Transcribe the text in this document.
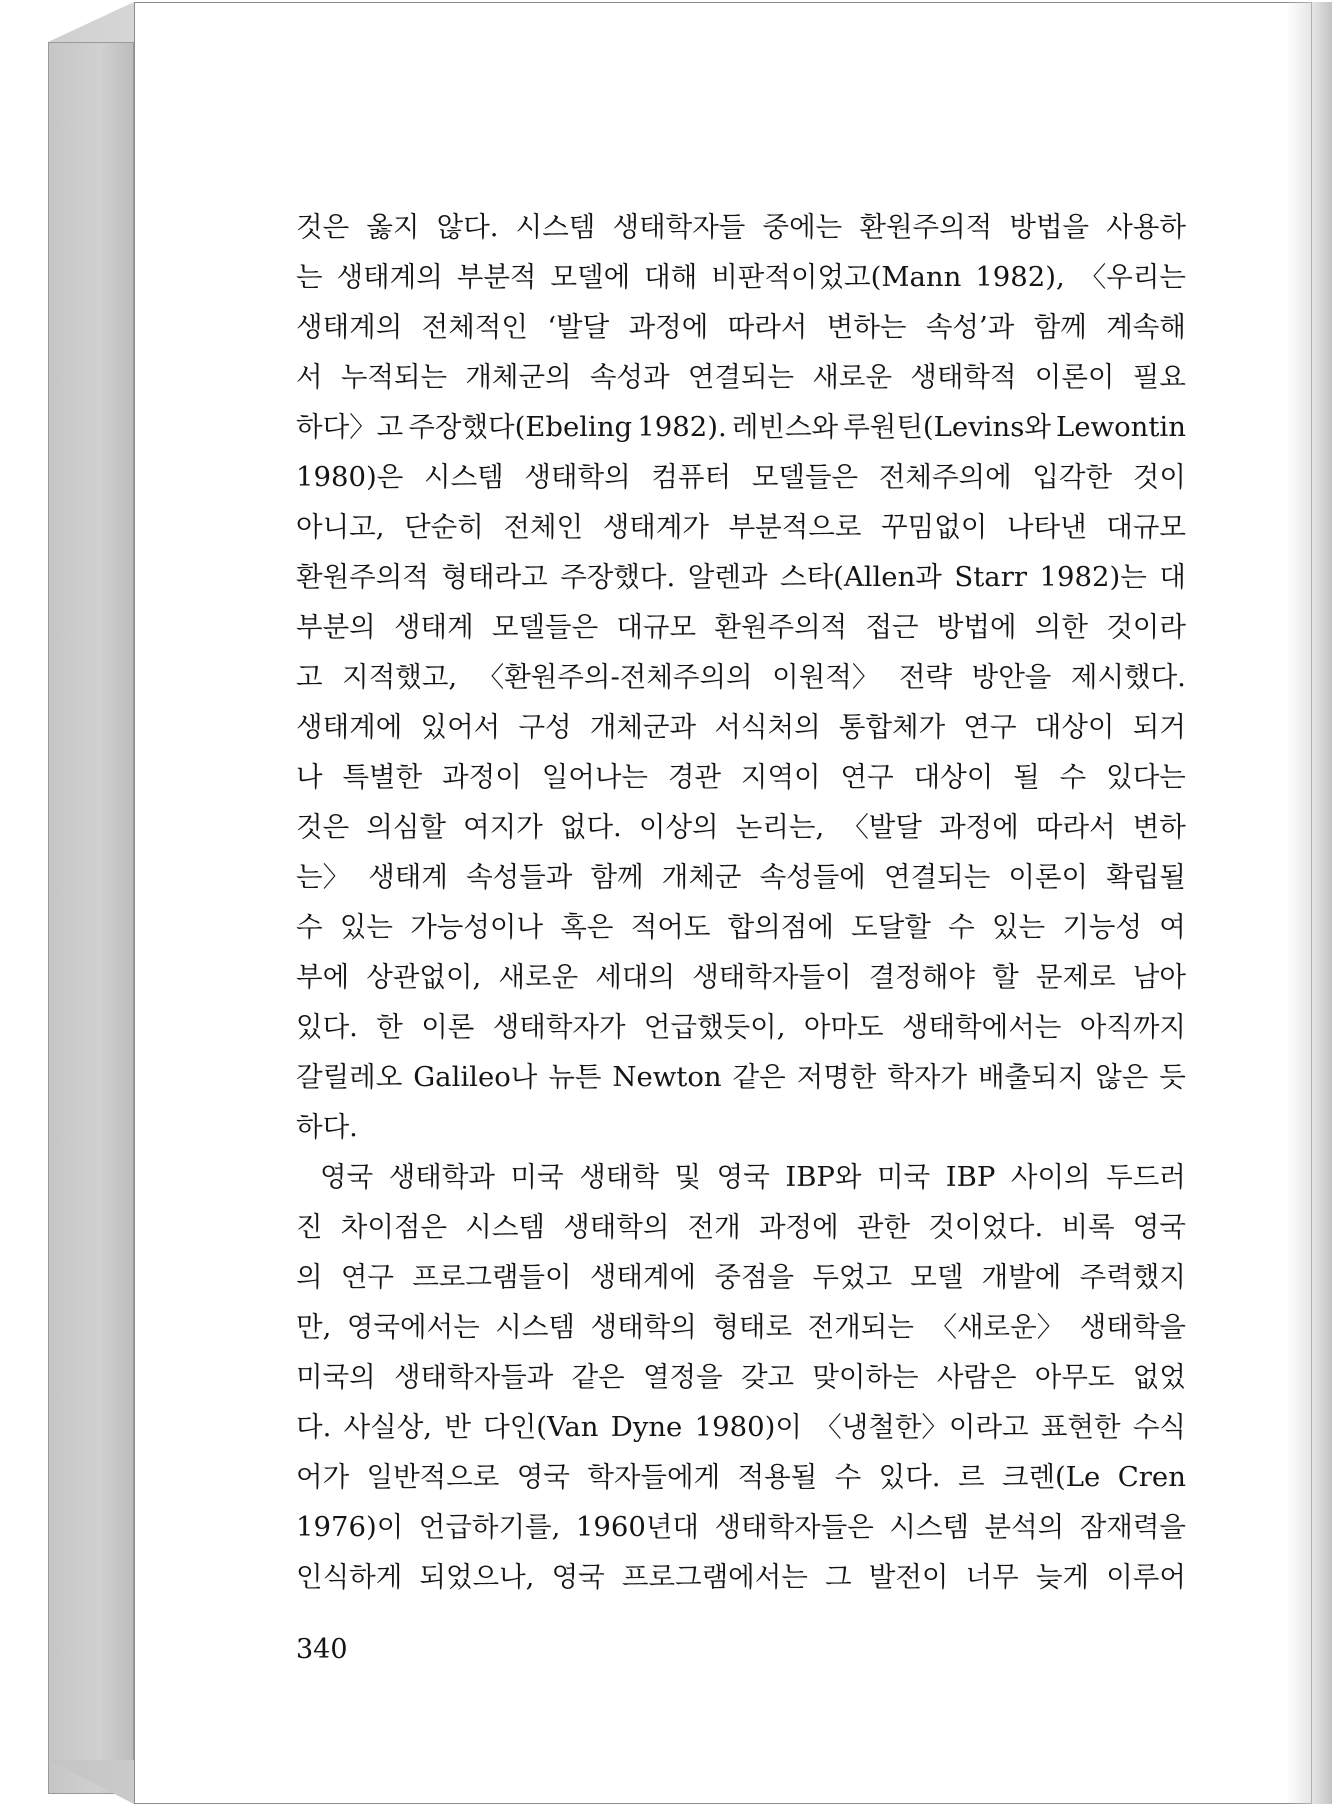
것은 옳지 않다. 시스템 생태학자들 중에는 환원주의적 방법을 사용하
는 생태계의 부분적 모델에 대해 비판적이었고(Mann 1982), 〈우리는
생태계의 전체적인 ‘발달 과정에 따라서 변하는 속성’과 함께 계속해
서 누적되는 개체군의 속성과 연결되는 새로운 생태학적 이론이 필요
하다〉고 주장했다(Ebeling 1982). 레빈스와 루원틴(Levins와 Lewontin
1980)은 시스템 생태학의 컴퓨터 모델들은 전체주의에 입각한 것이
아니고, 단순히 전체인 생태계가 부분적으로 꾸밈없이 나타낸 대규모
환원주의적 형태라고 주장했다. 알렌과 스타(Allen과 Starr 1982)는 대
부분의 생태계 모델들은 대규모 환원주의적 접근 방법에 의한 것이라
고 지적했고, 〈환원주의-전체주의의 이원적〉 전략 방안을 제시했다.
생태계에 있어서 구성 개체군과 서식처의 통합체가 연구 대상이 되거
나 특별한 과정이 일어나는 경관 지역이 연구 대상이 될 수 있다는
것은 의심할 여지가 없다. 이상의 논리는, 〈발달 과정에 따라서 변하
는〉 생태계 속성들과 함께 개체군 속성들에 연결되는 이론이 확립될
수 있는 가능성이나 혹은 적어도 합의점에 도달할 수 있는 기능성 여
부에 상관없이, 새로운 세대의 생태학자들이 결정해야 할 문제로 남아
있다. 한 이론 생태학자가 언급했듯이, 아마도 생태학에서는 아직까지
갈릴레오 Galileo나 뉴튼 Newton 같은 저명한 학자가 배출되지 않은 듯
하다.
영국 생태학과 미국 생태학 및 영국 IBP와 미국 IBP 사이의 두드러
진 차이점은 시스템 생태학의 전개 과정에 관한 것이었다. 비록 영국
의 연구 프로그램들이 생태계에 중점을 두었고 모델 개발에 주력했지
만, 영국에서는 시스템 생태학의 형태로 전개되는 〈새로운〉 생태학을
미국의 생태학자들과 같은 열정을 갖고 맞이하는 사람은 아무도 없었
다. 사실상, 반 다인(Van Dyne 1980)이 〈냉철한〉이라고 표현한 수식
어가 일반적으로 영국 학자들에게 적용될 수 있다. 르 크렌(Le Cren
1976)이 언급하기를, 1960년대 생태학자들은 시스템 분석의 잠재력을
인식하게 되었으나, 영국 프로그램에서는 그 발전이 너무 늦게 이루어
340
